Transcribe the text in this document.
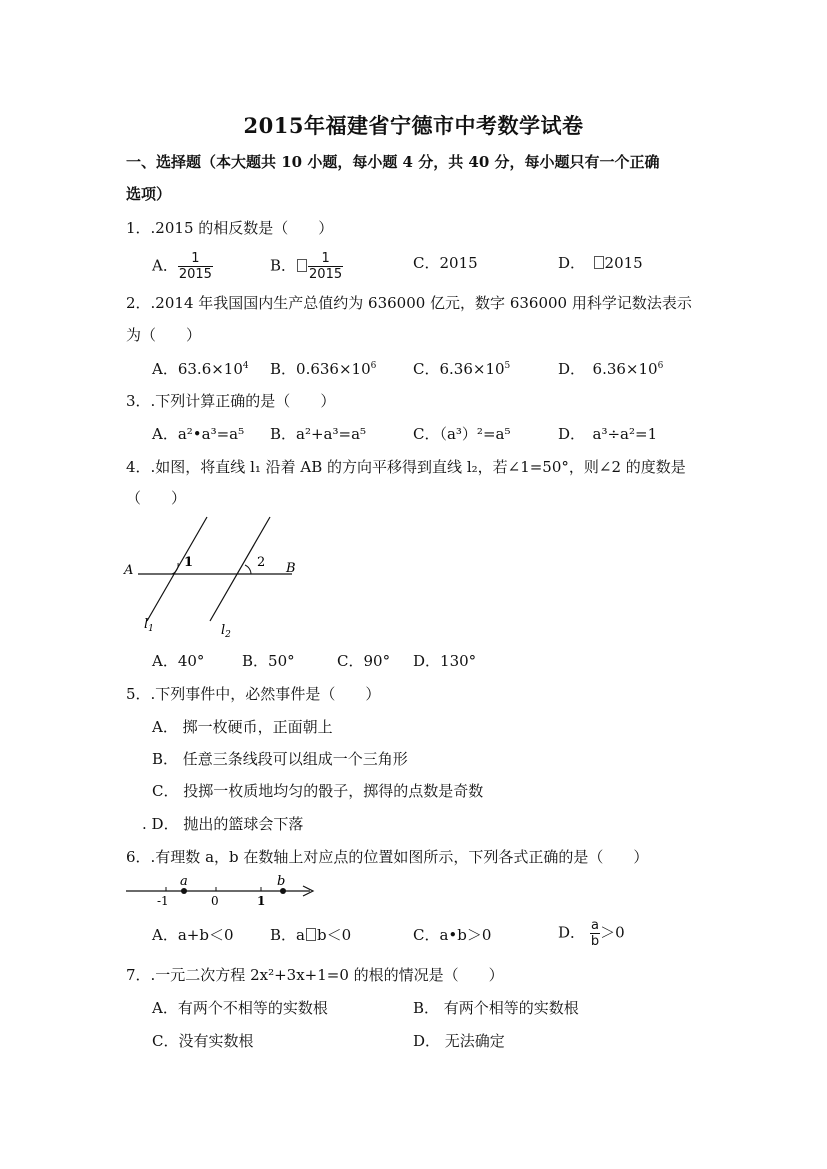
2015年福建省宁德市中考数学试卷
一、选择题（本大题共 10 小题，每小题 4 分，共 40 分，每小题只有一个正确
选项）
1．.2015 的相反数是（　　）
A． $\frac{1}{2015}$	B． $\frac{1}{2015}$	C．2015	D．　 2015
2．.2014 年我国国内生产总值约为 636000 亿元，数字 636000 用科学记数法表示
为（　　）
A．$63.6\times 10^4$ B．$0.636\times 10^6$ C．$6.36\times 10^5$	D．　$6.36\times 10^6$
3．.下列计算正确的是（　　）
A．a²•a³=a⁵ B．a²+a³=a⁵	C．（a³）²=a⁵	D．　a³÷a²=1
4．.如图，将直线 l₁ 沿着 AB 的方向平移得到直线 l₂，若∠1=50°，则∠2 的度数是
（　　）
A	B
1	2
$l_1$	$l_2$
A．40°	B．50°	C．90° D．130°
5．.下列事件中，必然事件是（　　）
A． 掷一枚硬币，正面朝上
B． 任意三条线段可以组成一个三角形
C． 投掷一枚质地均匀的骰子，掷得的点数是奇数
. D． 抛出的篮球会下落
6．.有理数 a，b 在数轴上对应点的位置如图所示，下列各式正确的是（　　）
a	b
-1	0	1
A．a+b＜0 B．a b＜0	C．a•b＞0	D． $\frac{a}{b} >0$
7．.一元二次方程 2x²+3x+1=0 的根的情况是（　　）
A．有两个不相等的实数根	B． 有两个相等的实数根
C．没有实数根	D． 无法确定
